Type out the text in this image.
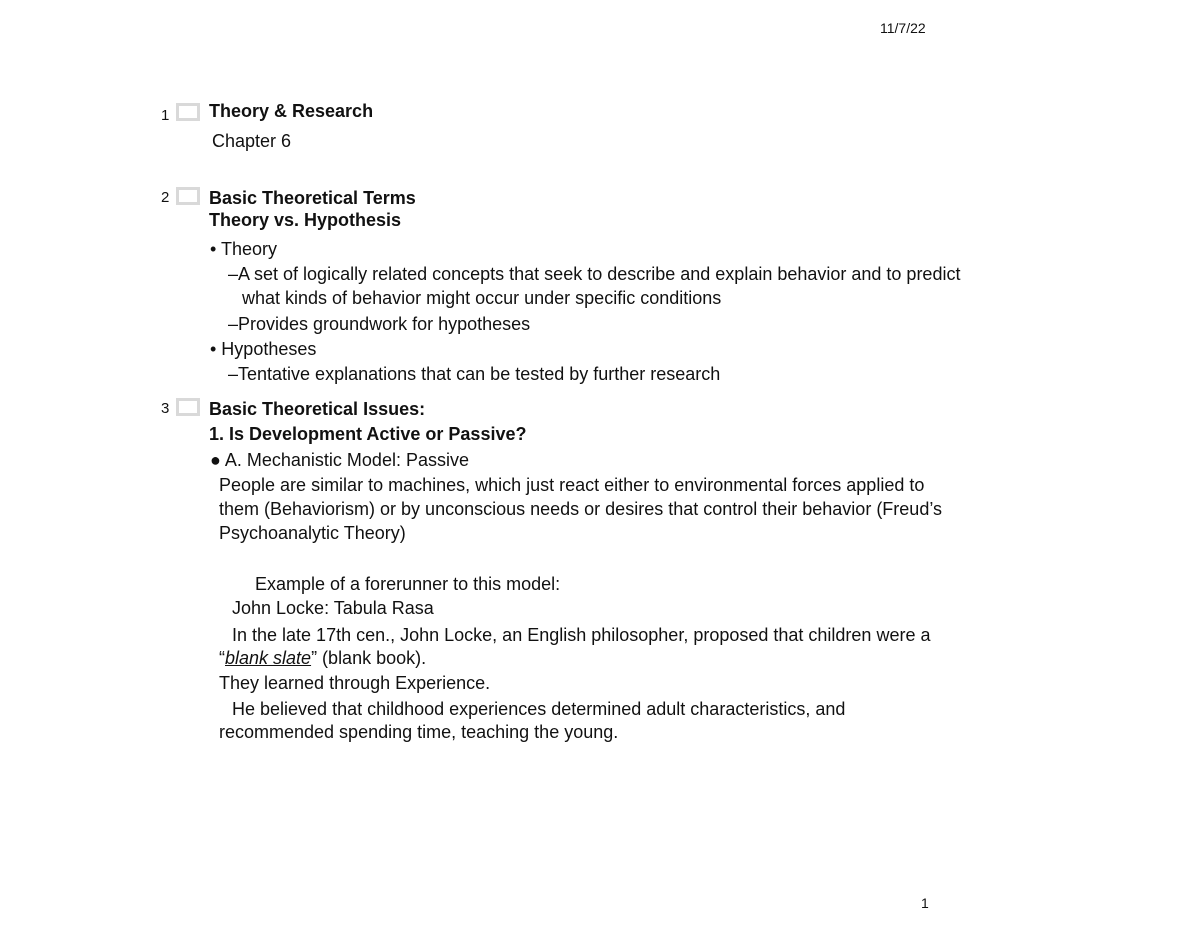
11/7/22
1
1 Theory & Research
Chapter 6
2 Basic Theoretical Terms
Theory vs. Hypothesis
• Theory
–A set of logically related concepts that seek to describe and explain behavior and to predict
what kinds of behavior might occur under specific conditions
–Provides groundwork for hypotheses
• Hypotheses
–Tentative explanations that can be tested by further research
3 Basic Theoretical Issues:
1. Is Development Active or Passive?
● A. Mechanistic Model: Passive
People are similar to machines, which just react either to environmental forces applied to
them (Behaviorism) or by unconscious needs or desires that control their behavior (Freud’s
Psychoanalytic Theory)
Example of a forerunner to this model:
John Locke: Tabula Rasa
In the late 17th cen., John Locke, an English philosopher, proposed that children were a
“blank slate” (blank book).
They learned through Experience.
He believed that childhood experiences determined adult characteristics, and
recommended spending time, teaching the young.
